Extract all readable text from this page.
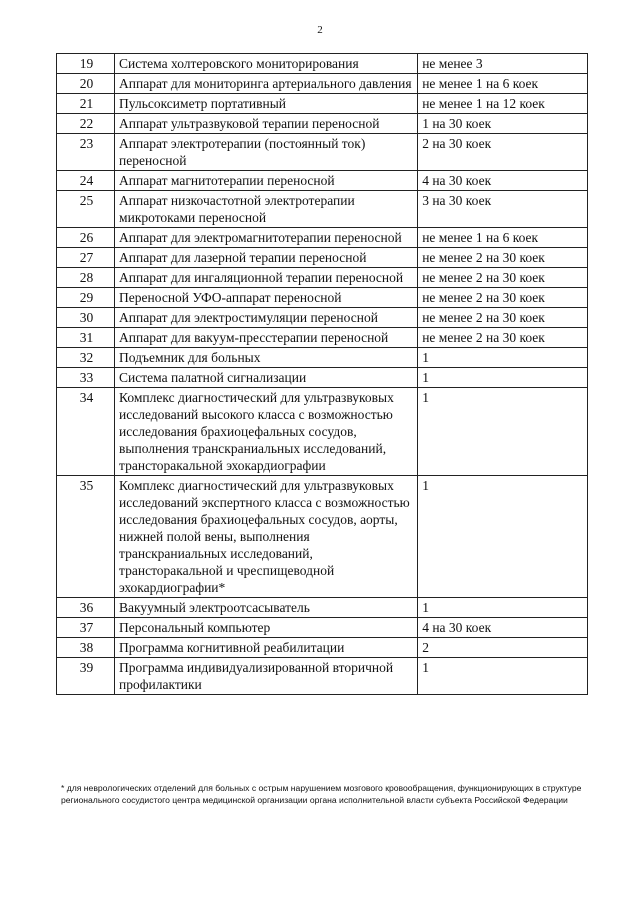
2
19	Система холтеровского мониторирования	не менее 3
20	Аппарат для мониторинга артериального давления	не менее 1 на 6 коек
21	Пульсоксиметр портативный	не менее 1 на 12 коек
22	Аппарат ультразвуковой терапии переносной	1 на 30 коек
23	Аппарат электротерапии (постоянный ток) переносной	2 на 30 коек
24	Аппарат магнитотерапии переносной	4 на 30 коек
25	Аппарат низкочастотной электротерапии микротоками переносной	3 на 30 коек
26	Аппарат для электромагнитотерапии переносной	не менее 1 на 6 коек
27	Аппарат для лазерной терапии переносной	не менее 2 на 30 коек
28	Аппарат для ингаляционной терапии переносной	не менее 2 на 30 коек
29	Переносной УФО-аппарат переносной	не менее 2 на 30 коек
30	Аппарат для электростимуляции переносной	не менее 2 на 30 коек
31	Аппарат для вакуум-пресстерапии переносной	не менее 2 на 30 коек
32	Подъемник для больных	1
33	Система палатной сигнализации	1
34	Комплекс диагностический для ультразвуковых исследований высокого класса с возможностью исследования брахиоцефальных сосудов, выполнения транскраниальных исследований, трансторакальной эхокардиографии	1
35	Комплекс диагностический для ультразвуковых исследований экспертного класса с возможностью исследования брахиоцефальных сосудов, аорты, нижней полой вены, выполнения транскраниальных исследований, трансторакальной и чреспищеводной эхокардиографии*	1
36	Вакуумный электроотсасыватель	1
37	Персональный компьютер	4 на 30 коек
38	Программа когнитивной реабилитации	2
39	Программа индивидуализированной вторичной профилактики	1
* для неврологических отделений для больных с острым нарушением мозгового кровообращения, функционирующих в структуре регионального сосудистого центра медицинской организации органа исполнительной власти субъекта Российской Федерации
